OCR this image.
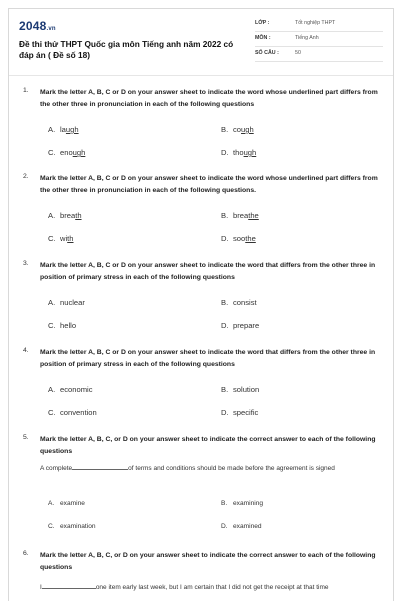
2048.vn
Đề thi thử THPT Quốc gia môn Tiếng anh năm 2022 có đáp án ( Đề số 18)
LỚP :	Tốt nghiệp THPT
MÔN :	Tiếng Anh
SỐ CÂU :	50
1. Mark the letter A, B, C or D on your answer sheet to indicate the word whose underlined part differs from the other three in pronunciation in each of the following questions
A. laugh	B. cough
C. enough	D. though
2. Mark the letter A, B, C or D on your answer sheet to indicate the word whose underlined part differs from the other three in pronunciation in each of the following questions.
A. breath	B. breathe
C. with	D. soothe
3. Mark the letter A, B, C or D on your answer sheet to indicate the word that differs from the other three in position of primary stress in each of the following questions
A. nuclear	B. consist
C. hello	D. prepare
4. Mark the letter A, B, C or D on your answer sheet to indicate the word that differs from the other three in position of primary stress in each of the following questions
A. economic	B. solution
C. convention	D. specific
5. Mark the letter A, B, C, or D on your answer sheet to indicate the correct answer to each of the following questions
A complete	of terms and conditions should be made before the agreement is signed
A. examine	B. examining
C. examination	D. examined
6. Mark the letter A, B, C, or D on your answer sheet to indicate the correct answer to each of the following questions
I	one item early last week, but I am certain that I did not get the receipt at that time
